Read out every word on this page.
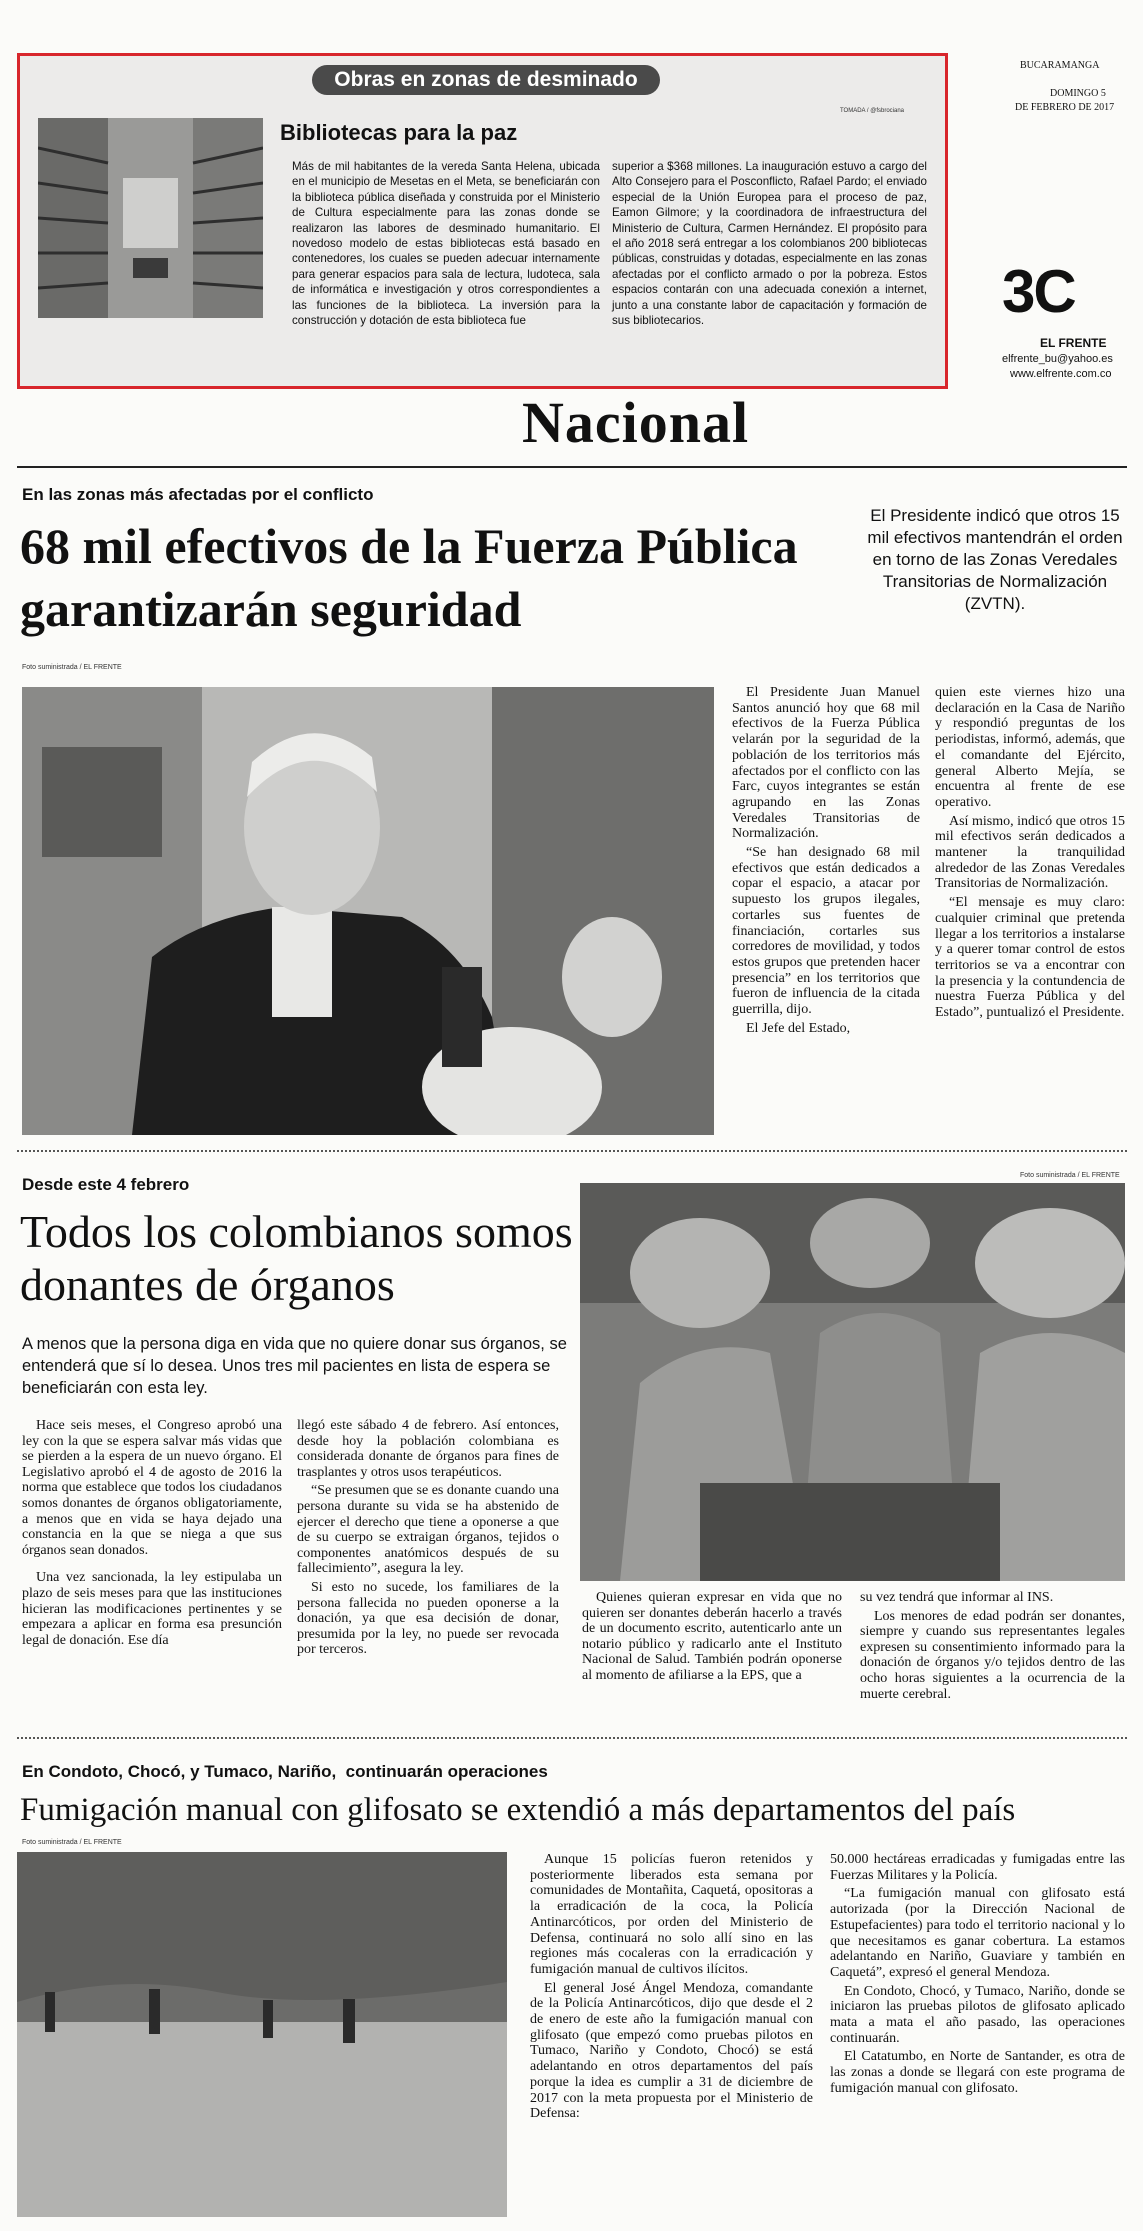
Obras en zonas de desminado
TOMADA / @fsbrociana
Bibliotecas para la paz
Más de mil habitantes de la vereda Santa Helena, ubicada en el municipio de Mesetas en el Meta, se beneficiarán con la biblioteca pública diseñada y construida por el Ministerio de Cultura especialmente para las zonas donde se realizaron las labores de desminado humanitario. El novedoso modelo de estas bibliotecas está basado en contenedores, los cuales se pueden adecuar internamente para generar espacios para sala de lectura, ludoteca, sala de informática e investigación y otros correspondientes a las funciones de la biblioteca. La inversión para la construcción y dotación de esta biblioteca fue
superior a $368 millones. La inauguración estuvo a cargo del Alto Consejero para el Posconflicto, Rafael Pardo; el enviado especial de la Unión Europea para el proceso de paz, Eamon Gilmore; y la coordinadora de infraestructura del Ministerio de Cultura, Carmen Hernández. El propósito para el año 2018 será entregar a los colombianos 200 bibliotecas públicas, construidas y dotadas, especialmente en las zonas afectadas por el conflicto armado o por la pobreza. Estos espacios contarán con una adecuada conexión a internet, junto a una constante labor de capacitación y formación de sus bibliotecarios.
BUCARAMANGA
DOMINGO 5
DE FEBRERO DE 2017
3C
EL FRENTE
elfrente_bu@yahoo.es
www.elfrente.com.co
Nacional
En las zonas más afectadas por el conflicto
68 mil efectivos de la Fuerza Pública garantizarán seguridad
El Presidente indicó que otros 15 mil efectivos mantendrán el orden en torno de las Zonas Veredales Transitorias de Normalización (ZVTN).
Foto suministrada / EL FRENTE

El Presidente Juan Manuel Santos anunció hoy que 68 mil efectivos de la Fuerza Pública velarán por la seguridad de la población de los territorios más afectados por el conflicto con las Farc, cuyos integrantes se están agrupando en las Zonas Veredales Transitorias de Normalización.

“Se han designado 68 mil efectivos que están dedicados a copar el espacio, a atacar por supuesto los grupos ilegales, cortarles sus fuentes de financiación, cortarles sus corredores de movilidad, y todos estos grupos que pretenden hacer presencia” en los territorios que fueron de influencia de la citada guerrilla, dijo.

El Jefe del Estado,

quien este viernes hizo una declaración en la Casa de Nariño y respondió preguntas de los periodistas, informó, además, que el comandante del Ejército, general Alberto Mejía, se encuentra al frente de ese operativo.

Así mismo, indicó que otros 15 mil efectivos serán dedicados a mantener la tranquilidad alrededor de las Zonas Veredales Transitorias de Normalización.

“El mensaje es muy claro: cualquier criminal que pretenda llegar a los territorios a instalarse y a querer tomar control de estos territorios se va a encontrar con la presencia y la contundencia de nuestra Fuerza Pública y del Estado”, puntualizó el Presidente.

Desde este 4 febrero
Todos los colombianos somos donantes de órganos
A menos que la persona diga en vida que no quiere donar sus órganos, se entenderá que sí lo desea. Unos tres mil pacientes en lista de espera se beneficiarán con esta ley.
Foto suministrada / EL FRENTE

Hace seis meses, el Congreso aprobó una ley con la que se espera salvar más vidas que se pierden a la espera de un nuevo órgano. El Legislativo aprobó el 4 de agosto de 2016 la norma que establece que todos los ciudadanos somos donantes de órganos obligatoriamente, a menos que en vida se haya dejado una constancia en la que se niega a que sus órganos sean donados.

Una vez sancionada, la ley estipulaba un plazo de seis meses para que las instituciones hicieran las modificaciones pertinentes y se empezara a aplicar en forma esa presunción legal de donación. Ese día

llegó este sábado 4 de febrero. Así entonces, desde hoy la población colombiana es considerada donante de órganos para fines de trasplantes y otros usos terapéuticos.

“Se presumen que se es donante cuando una persona durante su vida se ha abstenido de ejercer el derecho que tiene a oponerse a que de su cuerpo se extraigan órganos, tejidos o componentes anatómicos después de su fallecimiento”, asegura la ley.

Si esto no sucede, los familiares de la persona fallecida no pueden oponerse a la donación, ya que esa decisión de donar, presumida por la ley, no puede ser revocada por terceros.

Quienes quieran expresar en vida que no quieren ser donantes deberán hacerlo a través de un documento escrito, autenticarlo ante un notario público y radicarlo ante el Instituto Nacional de Salud. También podrán oponerse al momento de afiliarse a la EPS, que a

su vez tendrá que informar al INS.

Los menores de edad podrán ser donantes, siempre y cuando sus representantes legales expresen su consentimiento informado para la donación de órganos y/o tejidos dentro de las ocho horas siguientes a la ocurrencia de la muerte cerebral.

En Condoto, Chocó, y Tumaco, Nariño,  continuarán operaciones
Fumigación manual con glifosato se extendió a más departamentos del país
Foto suministrada / EL FRENTE

Aunque 15 policías fueron retenidos y posteriormente liberados esta semana por comunidades de Montañita, Caquetá, opositoras a la erradicación de la coca, la Policía Antinarcóticos, por orden del Ministerio de Defensa, continuará no solo allí sino en las regiones más cocaleras con la erradicación y fumigación manual de cultivos ilícitos.

El general José Ángel Mendoza, comandante de la Policía Antinarcóticos, dijo que desde el 2 de enero de este año la fumigación manual con glifosato (que empezó como pruebas pilotos en Tumaco, Nariño y Condoto, Chocó) se está adelantando en otros departamentos del país porque la idea es cumplir a 31 de diciembre de 2017 con la meta propuesta por el Ministerio de Defensa:

50.000 hectáreas erradicadas y fumigadas entre las Fuerzas Militares y la Policía.

“La fumigación manual con glifosato está autorizada (por la Dirección Nacional de Estupefacientes) para todo el territorio nacional y lo que necesitamos es ganar cobertura. La estamos adelantando en Nariño, Guaviare y también en Caquetá”, expresó el general Mendoza.

En Condoto, Chocó, y Tumaco, Nariño, donde se iniciaron las pruebas pilotos de glifosato aplicado mata a mata el año pasado, las operaciones continuarán.

El Catatumbo, en Norte de Santander, es otra de las zonas a donde se llegará con este programa de fumigación manual con glifosato.
